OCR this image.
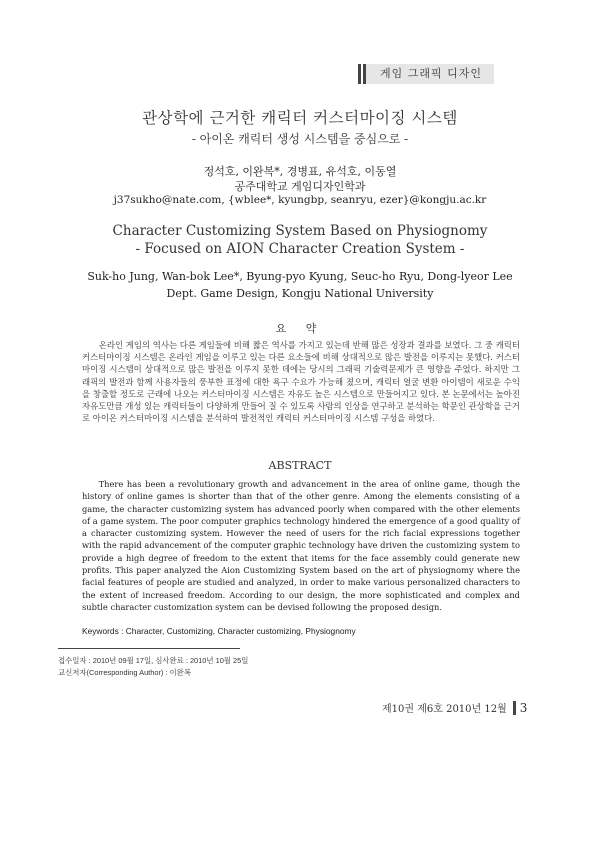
게임 그래픽 디자인
관상학에 근거한 캐릭터 커스터마이징 시스템
- 아이온 캐릭터 생성 시스템을 중심으로 -
정석호, 이완복*, 경병표, 유석호, 이동열
공주대학교 게임디자인학과
j37sukho@nate.com, {wblee*, kyungbp, seanryu, ezer}@kongju.ac.kr
Character Customizing System Based on Physiognomy
- Focused on AION Character Creation System -
Suk-ho Jung, Wan-bok Lee*, Byung-pyo Kyung, Seuc-ho Ryu, Dong-lyeor Lee
Dept. Game Design, Kongju National University
요 약
온라인 게임의 역사는 다른 게임들에 비해 짧은 역사를 가지고 있는데 반해 많은 성장과 결과를 보였다. 그 중 캐릭터 커스터마이징 시스템은 온라인 게임을 이루고 있는 다른 요소들에 비해 상대적으로 많은 발전을 이루지는 못했다. 커스터마이징 시스템이 상대적으로 많은 발전을 이루지 못한 데에는 당시의 그래픽 기술력문제가 큰 영향을 주었다. 하지만 그래픽의 발전과 함께 사용자들의 풍부한 표정에 대한 욕구 수요가 가능해 졌으며, 캐릭터 얼굴 변환 아이템이 새로운 수익을 창출할 정도로 근래에 나오는 커스터마이징 시스템은 자유도 높은 시스템으로 만들어지고 있다. 본 논문에서는 높아진 자유도만큼 개성 있는 캐릭터들이 다양하게 만들어 질 수 있도록 사람의 인상을 연구하고 분석하는 학문인 관상학을 근거로 아이온 커스터마이징 시스템을 분석하여 발전적인 캐릭터 커스터마이징 시스템 구성을 하였다.
ABSTRACT
There has been a revolutionary growth and advancement in the area of online game, though the history of online games is shorter than that of the other genre. Among the elements consisting of a game, the character customizing system has advanced poorly when compared with the other elements of a game system. The poor computer graphics technology hindered the emergence of a good quality of a character customizing system. However the need of users for the rich facial expressions together with the rapid advancement of the computer graphic technology have driven the customizing system to provide a high degree of freedom to the extent that items for the face assembly could generate new profits. This paper analyzed the Aion Customizing System based on the art of physiognomy where the facial features of people are studied and analyzed, in order to make various personalized characters to the extent of increased freedom. According to our design, the more sophisticated and complex and subtle character customization system can be devised following the proposed design.
Keywords : Character, Customizing, Character customizing, Physiognomy
접수일자 : 2010년 09월 17일, 심사완료 : 2010년 10월 25일
교신저자(Corresponding Author) : 이완복
제10권 제6호 2010년 12월 3
